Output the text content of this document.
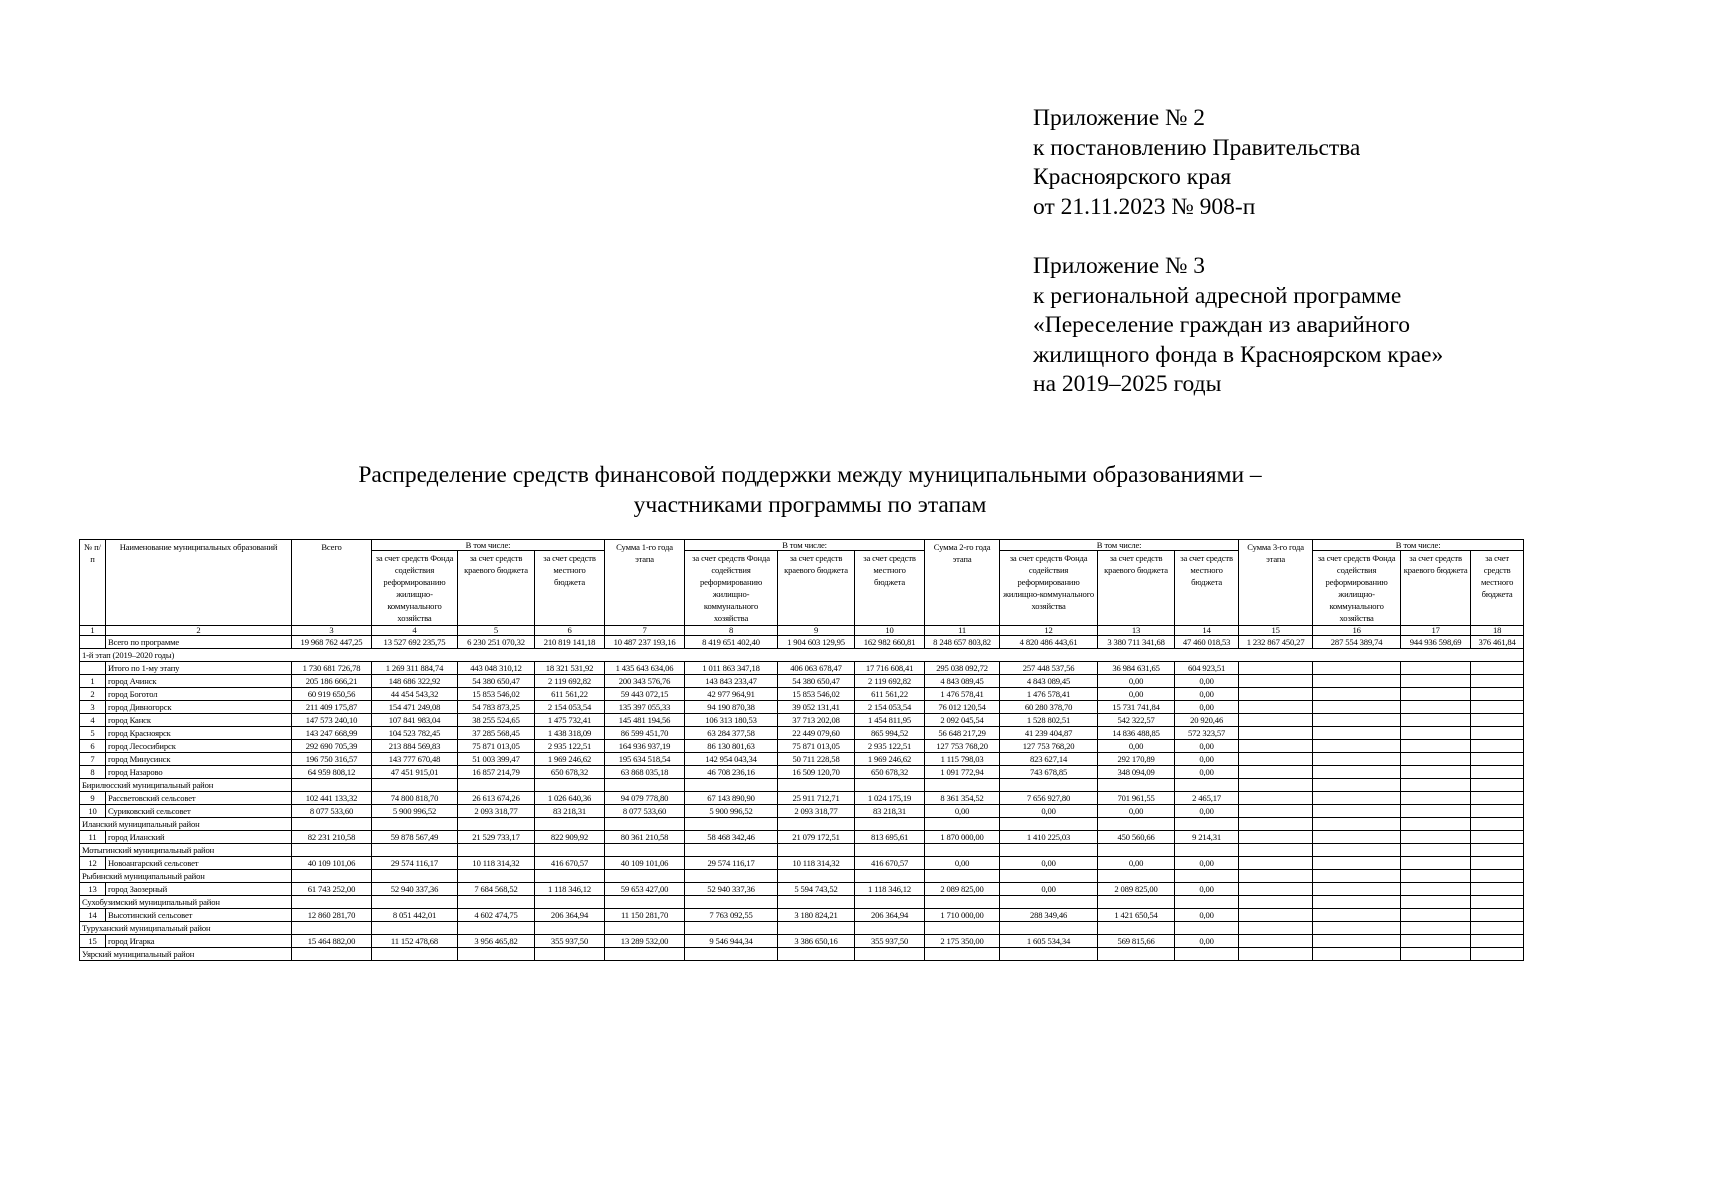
Приложение № 2
к постановлению Правительства
Красноярского края
от 21.11.2023 № 908-п
Приложение № 3
к региональной адресной программе
«Переселение граждан из аварийного
жилищного фонда в Красноярском крае»
на 2019–2025 годы
Распределение средств финансовой поддержки между муниципальными образованиями –
участниками программы по этапам
№ п/п	Наименование муниципальных образований	Всего	В том числе:			Сумма 1-го года этапа	В том числе:			Сумма 2-го года этапа	В том числе:			Сумма 3-го года этапа	В том числе:		
			за счет средств Фонда содействия реформированию жилищно-коммунального хозяйства	за счет средств краевого бюджета	за счет средств местного бюджета		за счет средств Фонда содействия реформированию жилищно-коммунального хозяйства	за счет средств краевого бюджета	за счет средств местного бюджета		за счет средств Фонда содействия реформированию жилищно-коммунального хозяйства	за счет средств краевого бюджета	за счет средств местного бюджета		за счет средств Фонда содействия реформированию жилищно-коммунального хозяйства	за счет средств краевого бюджета	за счет средств местного бюджета
1	2	3	4	5	6	7	8	9	10	11	12	13	14	15	16	17	18
	Всего по программе	19 968 762 447,25	13 527 692 235,75	6 230 251 070,32	210 819 141,18	10 487 237 193,16	8 419 651 402,40	1 904 603 129,95	162 982 660,81	8 248 657 803,82	4 820 486 443,61	3 380 711 341,68	47 460 018,53	1 232 867 450,27	287 554 389,74	944 936 598,69	376 461,84
1-й этап (2019–2020 годы)																	
	Итого по 1-му этапу	1 730 681 726,78	1 269 311 884,74	443 048 310,12	18 321 531,92	1 435 643 634,06	1 011 863 347,18	406 063 678,47	17 716 608,41	295 038 092,72	257 448 537,56	36 984 631,65	604 923,51				
1	город Ачинск	205 186 666,21	148 686 322,92	54 380 650,47	2 119 692,82	200 343 576,76	143 843 233,47	54 380 650,47	2 119 692,82	4 843 089,45	4 843 089,45	0,00	0,00				
2	город Боготол	60 919 650,56	44 454 543,32	15 853 546,02	611 561,22	59 443 072,15	42 977 964,91	15 853 546,02	611 561,22	1 476 578,41	1 476 578,41	0,00	0,00				
3	город Дивногорск	211 409 175,87	154 471 249,08	54 783 873,25	2 154 053,54	135 397 055,33	94 190 870,38	39 052 131,41	2 154 053,54	76 012 120,54	60 280 378,70	15 731 741,84	0,00				
4	город Канск	147 573 240,10	107 841 983,04	38 255 524,65	1 475 732,41	145 481 194,56	106 313 180,53	37 713 202,08	1 454 811,95	2 092 045,54	1 528 802,51	542 322,57	20 920,46				
5	город Красноярск	143 247 668,99	104 523 782,45	37 285 568,45	1 438 318,09	86 599 451,70	63 284 377,58	22 449 079,60	865 994,52	56 648 217,29	41 239 404,87	14 836 488,85	572 323,57				
6	город Лесосибирск	292 690 705,39	213 884 569,83	75 871 013,05	2 935 122,51	164 936 937,19	86 130 801,63	75 871 013,05	2 935 122,51	127 753 768,20	127 753 768,20	0,00	0,00				
7	город Минусинск	196 750 316,57	143 777 670,48	51 003 399,47	1 969 246,62	195 634 518,54	142 954 043,34	50 711 228,58	1 969 246,62	1 115 798,03	823 627,14	292 170,89	0,00				
8	город Назарово	64 959 808,12	47 451 915,01	16 857 214,79	650 678,32	63 868 035,18	46 708 236,16	16 509 120,70	650 678,32	1 091 772,94	743 678,85	348 094,09	0,00				
Бирилюсский муниципальный район																	
9	Рассветовский сельсовет	102 441 133,32	74 800 818,70	26 613 674,26	1 026 640,36	94 079 778,80	67 143 890,90	25 911 712,71	1 024 175,19	8 361 354,52	7 656 927,80	701 961,55	2 465,17				
10	Суриковский сельсовет	8 077 533,60	5 900 996,52	2 093 318,77	83 218,31	8 077 533,60	5 900 996,52	2 093 318,77	83 218,31	0,00	0,00	0,00	0,00				
Иланский муниципальный район																	
11	город Иланский	82 231 210,58	59 878 567,49	21 529 733,17	822 909,92	80 361 210,58	58 468 342,46	21 079 172,51	813 695,61	1 870 000,00	1 410 225,03	450 560,66	9 214,31				
Мотыгинский муниципальный район																	
12	Новоангарский сельсовет	40 109 101,06	29 574 116,17	10 118 314,32	416 670,57	40 109 101,06	29 574 116,17	10 118 314,32	416 670,57	0,00	0,00	0,00	0,00				
Рыбинский муниципальный район																	
13	город Заозерный	61 743 252,00	52 940 337,36	7 684 568,52	1 118 346,12	59 653 427,00	52 940 337,36	5 594 743,52	1 118 346,12	2 089 825,00	0,00	2 089 825,00	0,00				
Сухобузимский муниципальный район																	
14	Высотинский сельсовет	12 860 281,70	8 051 442,01	4 602 474,75	206 364,94	11 150 281,70	7 763 092,55	3 180 824,21	206 364,94	1 710 000,00	288 349,46	1 421 650,54	0,00				
Туруханский муниципальный район																	
15	город Игарка	15 464 882,00	11 152 478,68	3 956 465,82	355 937,50	13 289 532,00	9 546 944,34	3 386 650,16	355 937,50	2 175 350,00	1 605 534,34	569 815,66	0,00				
Уярский муниципальный район																	
